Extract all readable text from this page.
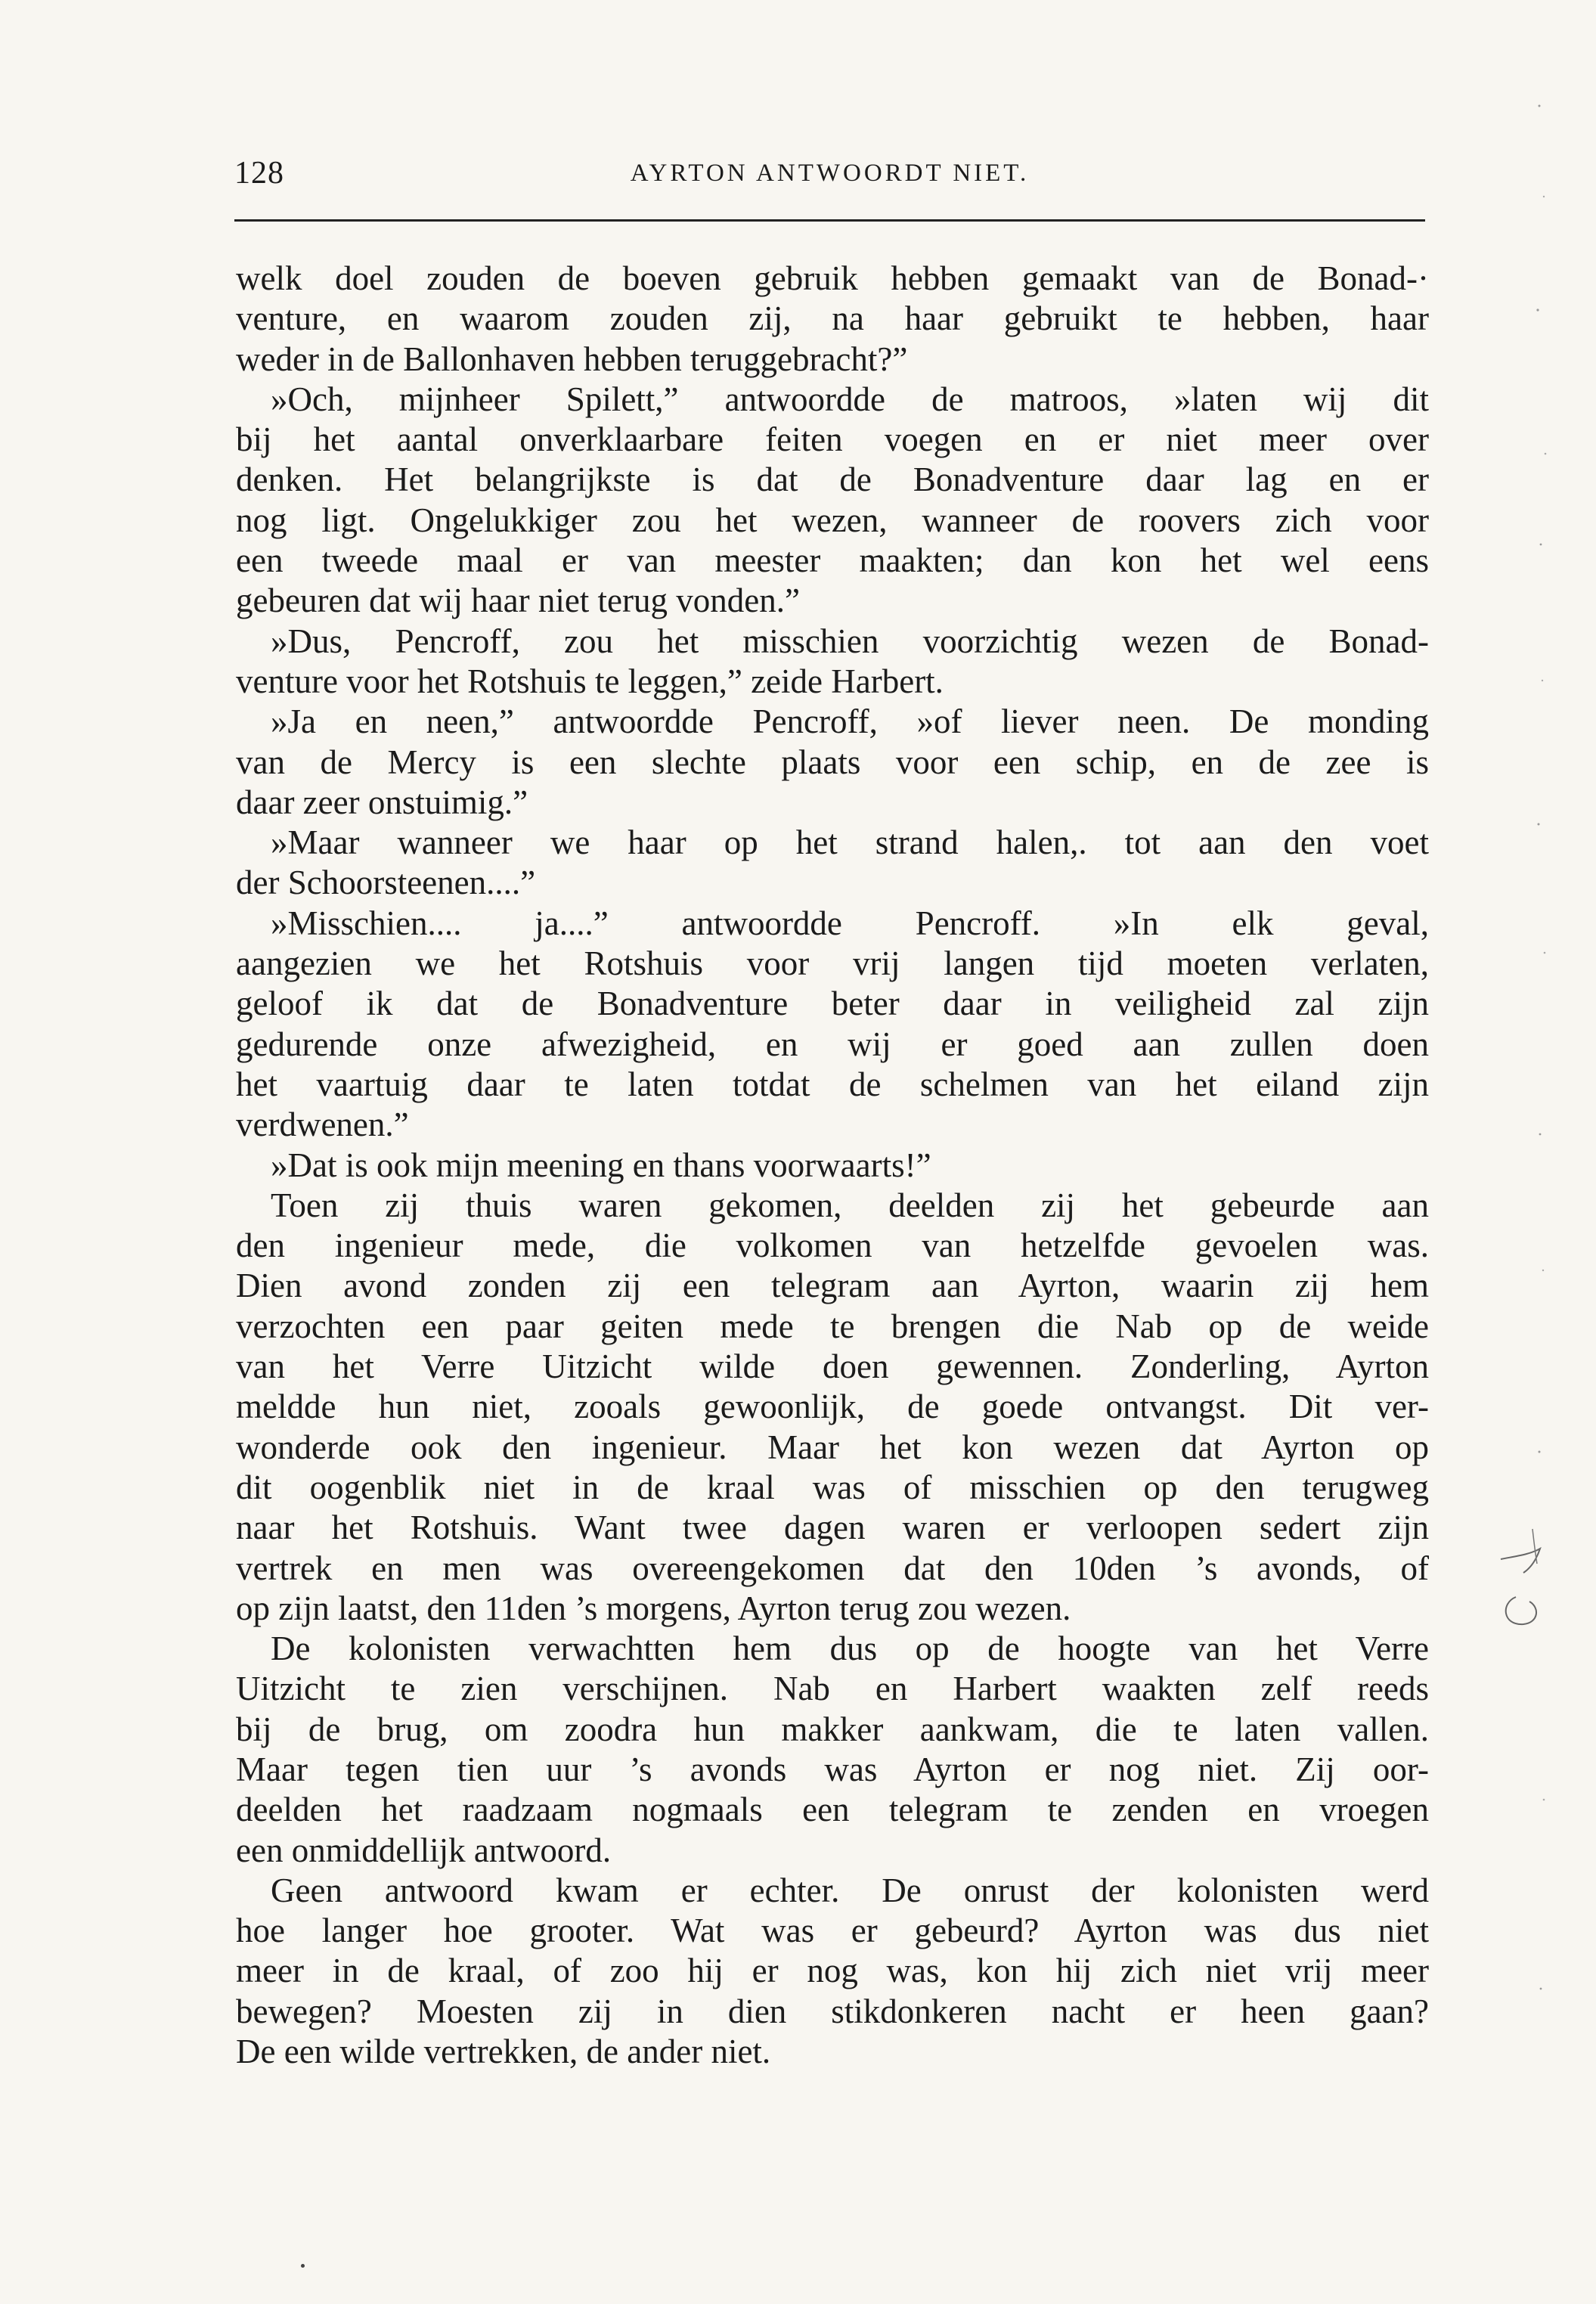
128	AYRTON ANTWOORDT NIET.
welk doel zouden de boeven gebruik hebben gemaakt van de Bonad-·
venture, en waarom zouden zij, na haar gebruikt te hebben, haar
weder in de Ballonhaven hebben teruggebracht?”
»Och, mijnheer Spilett,” antwoordde de matroos, »laten wij dit
bij het aantal onverklaarbare feiten voegen en er niet meer over
denken. Het belangrijkste is dat de Bonadventure daar lag en er
nog ligt. Ongelukkiger zou het wezen, wanneer de roovers zich voor
een tweede maal er van meester maakten; dan kon het wel eens
gebeuren dat wij haar niet terug vonden.”
»Dus, Pencroff, zou het misschien voorzichtig wezen de Bonad-
venture voor het Rotshuis te leggen,” zeide Harbert.
»Ja en neen,” antwoordde Pencroff, »of liever neen. De monding
van de Mercy is een slechte plaats voor een schip, en de zee is
daar zeer onstuimig.”
»Maar wanneer we haar op het strand halen,. tot aan den voet
der Schoorsteenen....”
»Misschien.... ja....” antwoordde Pencroff. »In elk geval,
aangezien we het Rotshuis voor vrij langen tijd moeten verlaten,
geloof ik dat de Bonadventure beter daar in veiligheid zal zijn
gedurende onze afwezigheid, en wij er goed aan zullen doen
het vaartuig daar te laten totdat de schelmen van het eiland zijn
verdwenen.”
»Dat is ook mijn meening en thans voorwaarts!”
Toen zij thuis waren gekomen, deelden zij het gebeurde aan
den ingenieur mede, die volkomen van hetzelfde gevoelen was.
Dien avond zonden zij een telegram aan Ayrton, waarin zij hem
verzochten een paar geiten mede te brengen die Nab op de weide
van het Verre Uitzicht wilde doen gewennen. Zonderling, Ayrton
meldde hun niet, zooals gewoonlijk, de goede ontvangst. Dit ver-
wonderde ook den ingenieur. Maar het kon wezen dat Ayrton op
dit oogenblik niet in de kraal was of misschien op den terugweg
naar het Rotshuis. Want twee dagen waren er verloopen sedert zijn
vertrek en men was overeengekomen dat den 10den ’s avonds, of
op zijn laatst, den 11den ’s morgens, Ayrton terug zou wezen.
De kolonisten verwachtten hem dus op de hoogte van het Verre
Uitzicht te zien verschijnen. Nab en Harbert waakten zelf reeds
bij de brug, om zoodra hun makker aankwam, die te laten vallen.
Maar tegen tien uur ’s avonds was Ayrton er nog niet. Zij oor-
deelden het raadzaam nogmaals een telegram te zenden en vroegen
een onmiddellijk antwoord.
Geen antwoord kwam er echter. De onrust der kolonisten werd
hoe langer hoe grooter. Wat was er gebeurd? Ayrton was dus niet
meer in de kraal, of zoo hij er nog was, kon hij zich niet vrij meer
bewegen? Moesten zij in dien stikdonkeren nacht er heen gaan?
De een wilde vertrekken, de ander niet.
